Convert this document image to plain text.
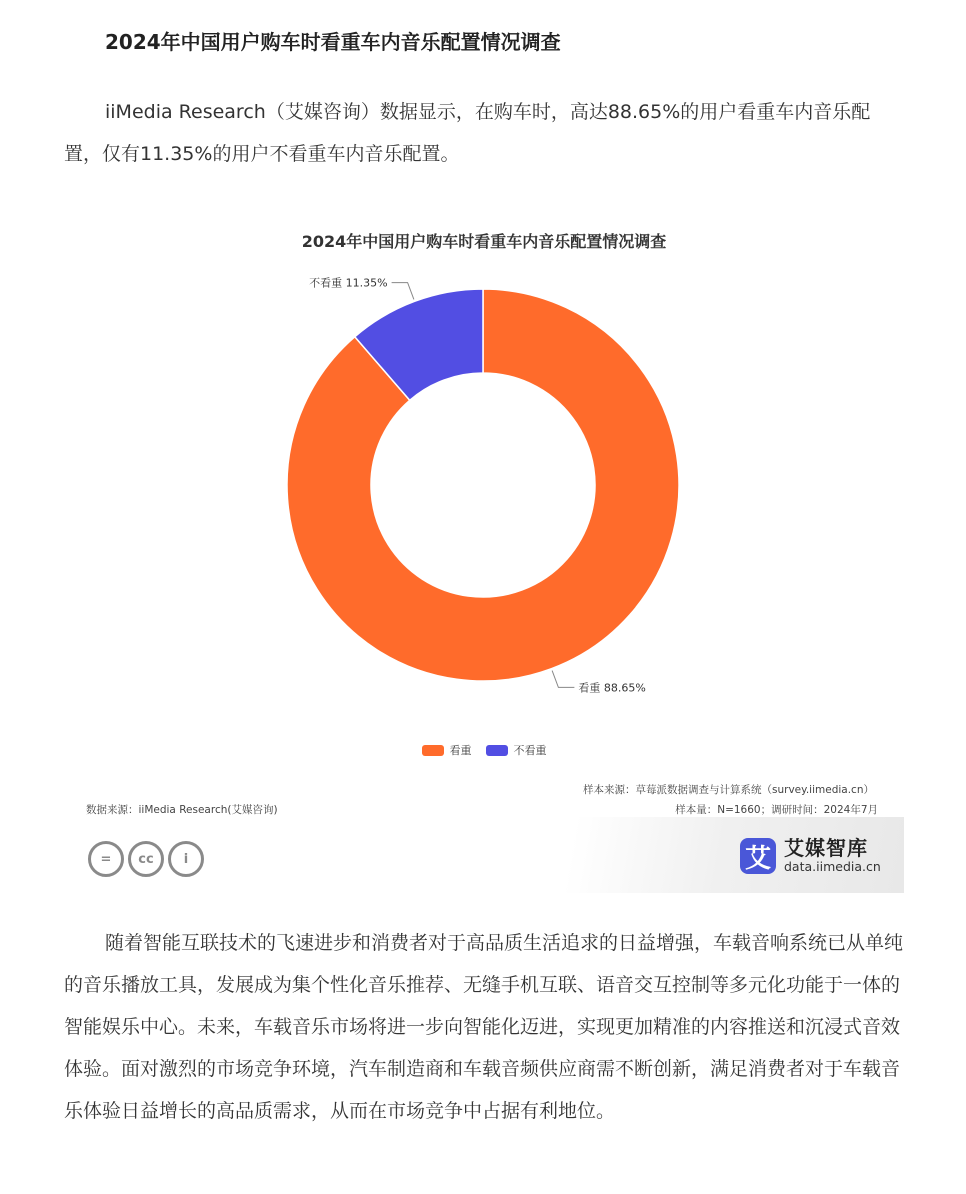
2024年中国用户购车时看重车内音乐配置情况调查

iiMedia Research（艾媒咨询）数据显示，在购车时，高达88.65%的用户看重车内音乐配置，仅有11.35%的用户不看重车内音乐配置。

2024年中国用户购车时看重车内音乐配置情况调查
看重 88.65%
不看重 11.35%
看重	不看重
样本来源：草莓派数据调查与计算系统（survey.iimedia.cn）
数据来源：iiMedia Research(艾媒咨询)	样本量：N=1660；调研时间：2024年7月
=	cc	i	艾 艾媒智库
data.iimedia.cn

随着智能互联技术的飞速进步和消费者对于高品质生活追求的日益增强，车载音响系统已从单纯的音乐播放工具，发展成为集个性化音乐推荐、无缝手机互联、语音交互控制等多元化功能于一体的智能娱乐中心。未来，车载音乐市场将进一步向智能化迈进，实现更加精准的内容推送和沉浸式音效体验。面对激烈的市场竞争环境，汽车制造商和车载音频供应商需不断创新，满足消费者对于车载音乐体验日益增长的高品质需求，从而在市场竞争中占据有利地位。
